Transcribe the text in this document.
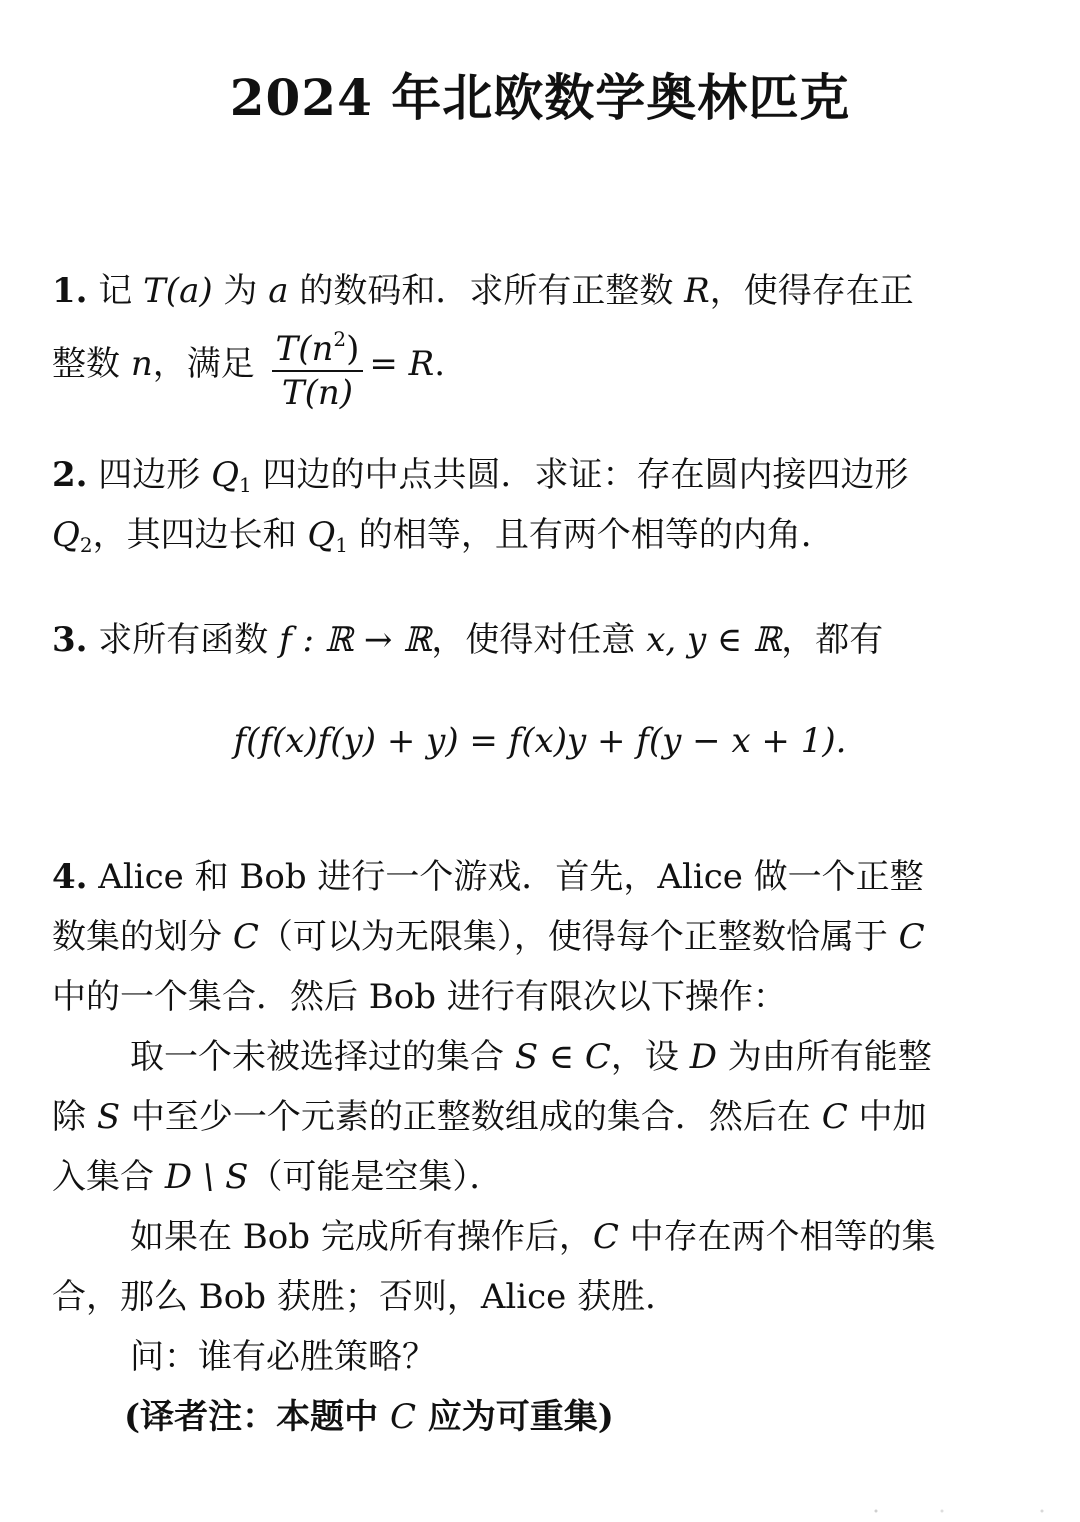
2024 年北欧数学奥林匹克
1. 记 T(a) 为 a 的数码和．求所有正整数 R，使得存在正
整数 n，满足 $\frac{T(n^2)}{T(n)} = R$.
2. 四边形 $Q_1$ 四边的中点共圆．求证：存在圆内接四边形
$Q_2$，其四边长和 $Q_1$ 的相等，且有两个相等的内角．
3. 求所有函数 f : ℝ → ℝ，使得对任意 x, y ∈ ℝ，都有
f(f(x)f(y) + y) = f(x)y + f(y − x + 1).
4. Alice 和 Bob 进行一个游戏．首先，Alice 做一个正整
数集的划分 C（可以为无限集），使得每个正整数恰属于 C
中的一个集合．然后 Bob 进行有限次以下操作：
取一个未被选择过的集合 S ∈ C，设 D 为由所有能整
除 S 中至少一个元素的正整数组成的集合．然后在 C 中加
入集合 D \ S（可能是空集）．
如果在 Bob 完成所有操作后，C 中存在两个相等的集
合，那么 Bob 获胜；否则，Alice 获胜．
问：谁有必胜策略？
(译者注：本题中 C 应为可重集)
